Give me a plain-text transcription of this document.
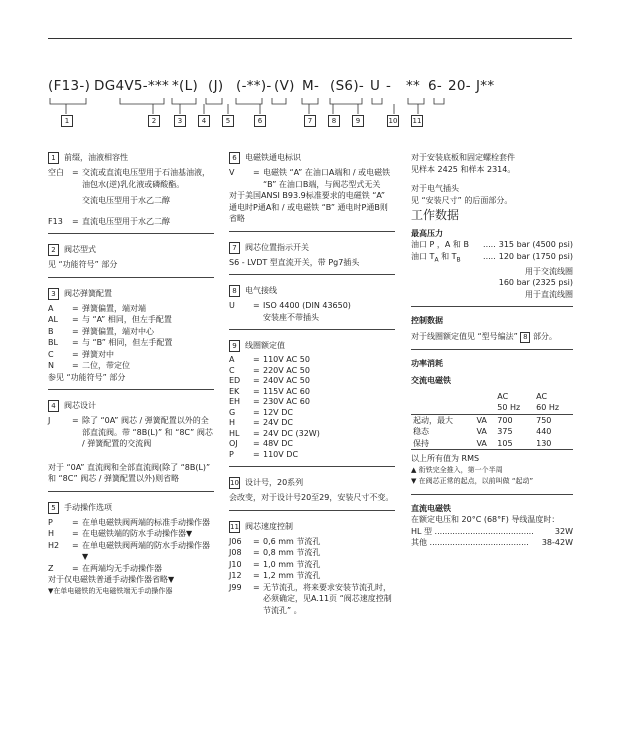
(F13-) DG4V5-*** *(L) (J) (-**)- (V) M- (S6)- U - ** 6- 20- J**
1	2	3	4	5	6	7	8	9	10 11
1	前缀，油液相容性
空白	= 交流或直流电压型用于石油基油液，油包水(逆)乳化液或磷酸酯。
交流电压型用于水乙二醇
F13	= 直流电压型用于水乙二醇
2	阀芯型式
见 “功能符号” 部分
3	阀芯弹簧配置
A	= 弹簧偏置，端对端
AL	= 与 “A” 相同，但左手配置
B	= 弹簧偏置，端对中心
BL	= 与 “B” 相同，但左手配置
C	= 弹簧对中
N	= 二位，带定位
参见 “功能符号” 部分
4	阀芯设计
J	= 除了 “0A” 阀芯 / 弹簧配置以外的全部直流阀。带 “8B(L)” 和 “8C” 阀芯 / 弹簧配置的交流阀
对于 “0A” 直流阀和全部直流阀(除了 “8B(L)” 和 “8C” 阀芯 / 弹簧配置以外)则省略
5	手动操作选项
P	= 在单电磁铁阀两端的标准手动操作器
H	= 在电磁铁端的防水手动操作器▼
H2	= 在单电磁铁阀两端的防水手动操作器▼
Z	= 在两端均无手动操作器
对于仅电磁铁普通手动操作器省略▼
▼在单电磁铁的无电磁铁端无手动操作器
6	电磁铁通电标识
V	= 电磁铁 “A” 在油口A端和 / 或电磁铁 “B” 在油口B端，与阀芯型式无关
对于美国ANSI B93.9标准要求的电磁铁 “A” 通电时P通A和 / 或电磁铁 “B” 通电时P通B则省略
7	阀芯位置指示开关
S6 - LVDT 型直流开关，带 Pg7插头
8	电气接线
U	= ISO 4400 (DIN 43650)
安装座不带插头
9	线圈额定值
A	= 110V AC 50
C	= 220V AC 50
ED	= 240V AC 50
EK	= 115V AC 60
EH	= 230V AC 60
G	= 12V DC
H	= 24V DC
HL	= 24V DC (32W)
OJ	= 48V DC
P	= 110V DC
10 设计号，20系列
会改变，对于设计号20至29，安装尺寸不变。
11 阀芯速度控制
J06	= 0,6 mm 节流孔
J08	= 0,8 mm 节流孔
J10	= 1,0 mm 节流孔
J12	= 1,2 mm 节流孔
J99	= 无节流孔，将来要求安装节流孔时，必须确定，见A.11页 “阀芯速度控制节流孔” 。
对于安装底板和固定螺栓套件
见样本 2425 和样本 2314。
对于电气插头
见 “安装尺寸” 的后面部分。
工作数据
最高压力
油口 P ，A 和 B	..... 315 bar (4500 psi)
油口 $T_A$ 和 $T_B$	..... 120 bar (1750 psi)
用于交流线圈
160 bar (2325 psi)
用于直流线圈
控制数据
对于线圈额定值见 “型号编法” 8 部分。
功率消耗
交流电磁铁
		AC	AC
		50 Hz	60 Hz
起动，最大	VA	700	750
稳态	VA	375	440
保持	VA	105	130
以上所有值为 RMS
▲ 衔铁完全推入，第一个半周
▼ 在阀芯正常的起点，以前叫做 “起动”
直流电磁铁
在额定电压和 20°C (68°F) 导线温度时：
HL 型 .......................................	32W
其他 .......................................	38-42W
